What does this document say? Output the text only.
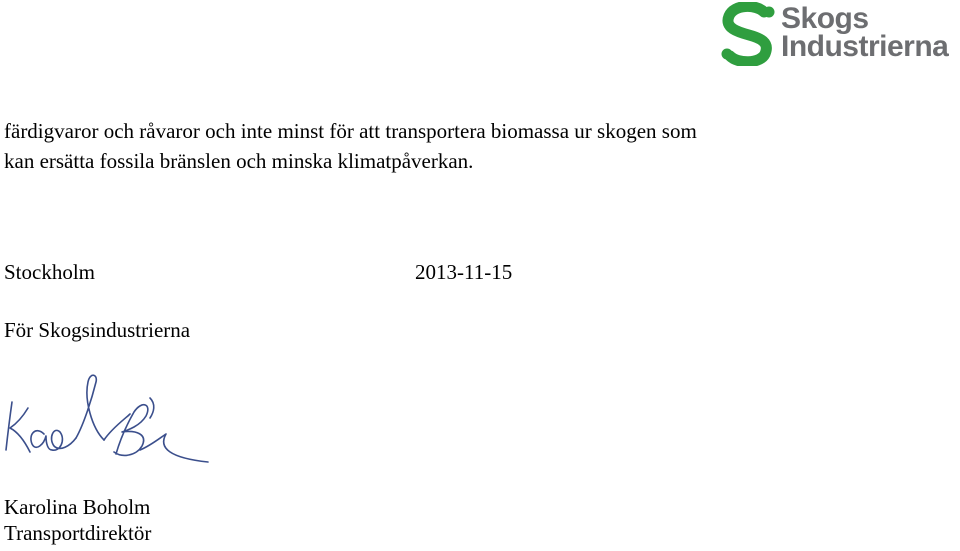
Skogs
Industrierna
färdigvaror och råvaror och inte minst för att transportera biomassa ur skogen som
kan ersätta fossila bränslen och minska klimatpåverkan.
Stockholm	2013-11-15
För Skogsindustrierna
Karolina Boholm
Transportdirektör
